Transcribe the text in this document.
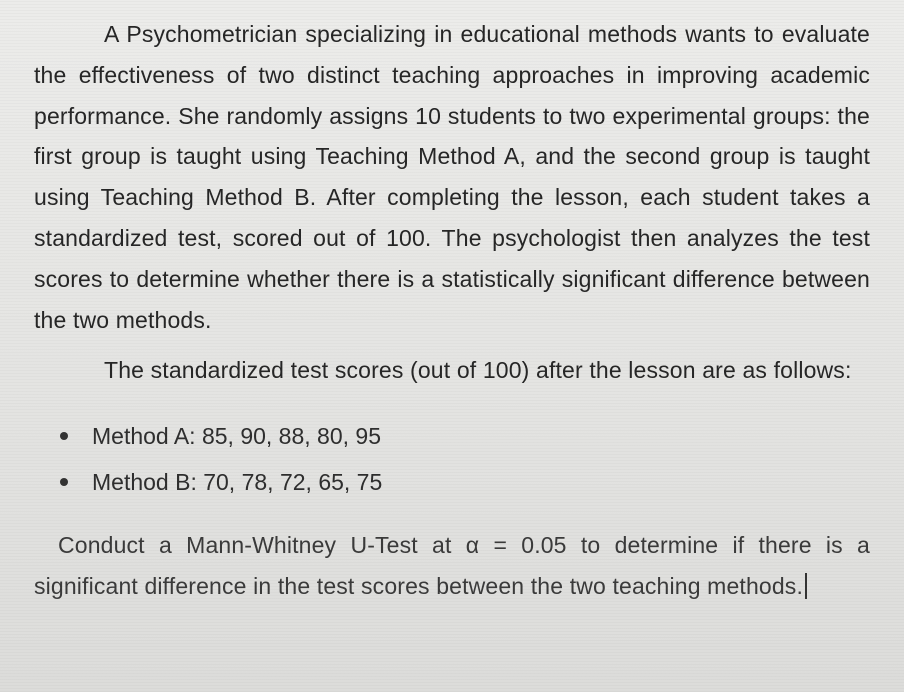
A Psychometrician specializing in educational methods wants to evaluate the effectiveness of two distinct teaching approaches in improving academic performance. She randomly assigns 10 students to two experimental groups: the first group is taught using Teaching Method A, and the second group is taught using Teaching Method B. After completing the lesson, each student takes a standardized test, scored out of 100. The psychologist then analyzes the test scores to determine whether there is a statistically significant difference between the two methods.

The standardized test scores (out of 100) after the lesson are as follows:

Method A: 85, 90, 88, 80, 95
Method B: 70, 78, 72, 65, 75

Conduct a Mann-Whitney U-Test at α = 0.05 to determine if there is a significant difference in the test scores between the two teaching methods.
